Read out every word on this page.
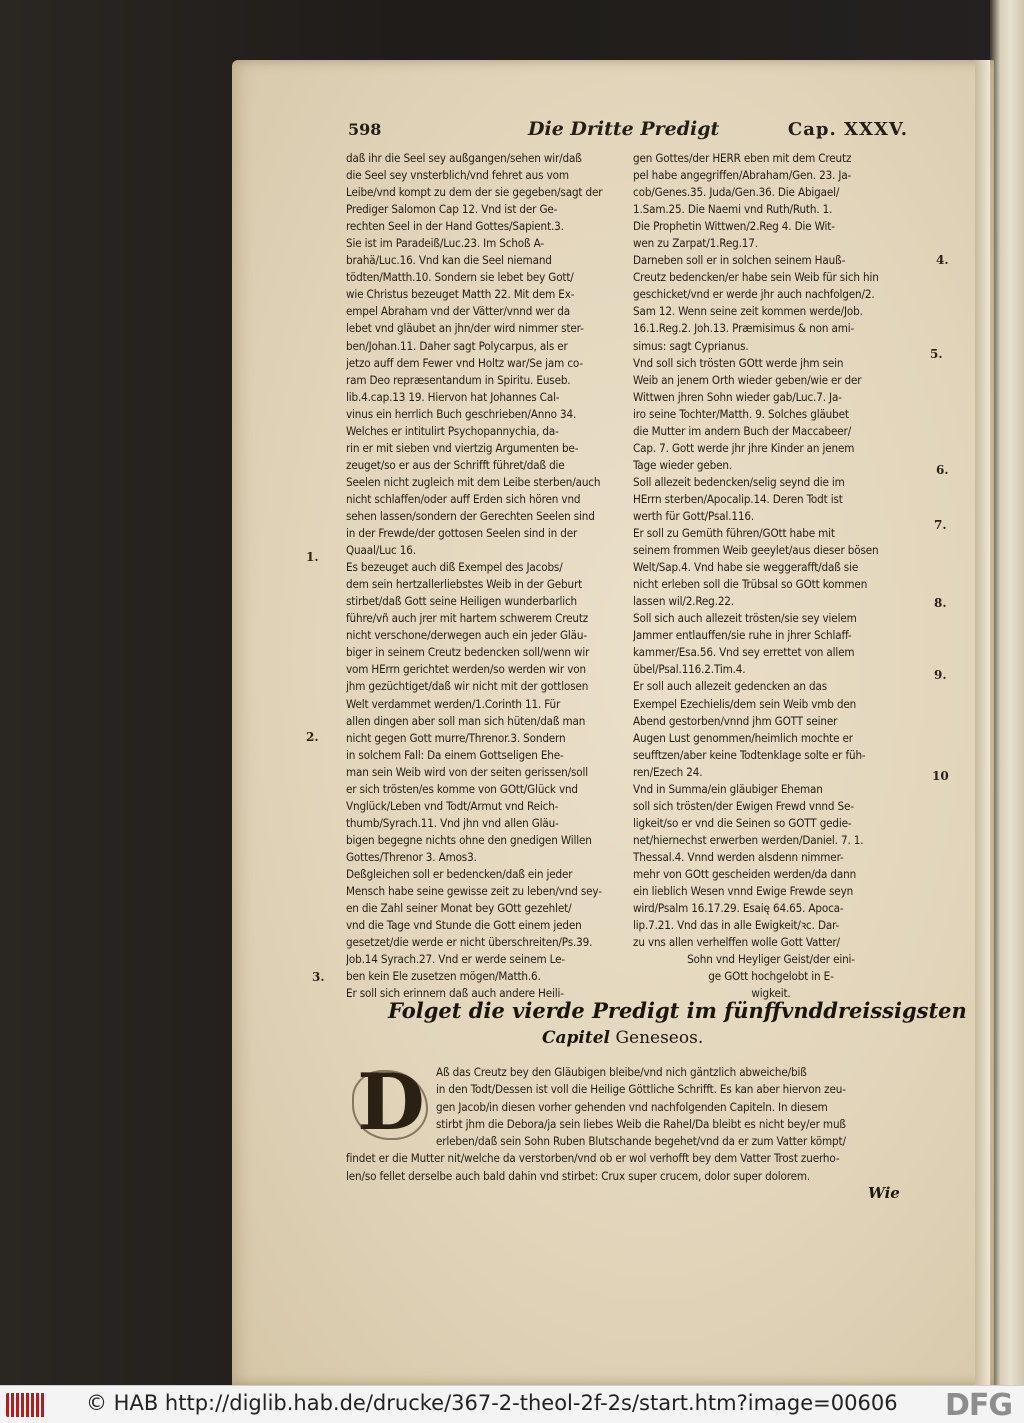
598	Die Dritte Predigt	Cap. XXXV.
daß ihr die Seel sey außgangen/sehen wir/daß
die Seel sey vnsterblich/vnd fehret aus vom
Leibe/vnd kompt zu dem der sie gegeben/sagt der
Prediger Salomon Cap 12. Vnd ist der Ge-
rechten Seel in der Hand Gottes/Sapient.3.
Sie ist im Paradeiß/Luc.23. Im Schoß A-
brahä/Luc.16. Vnd kan die Seel niemand
tödten/Matth.10. Sondern sie lebet bey Gott/
wie Christus bezeuget Matth 22. Mit dem Ex-
empel Abraham vnd der Vätter/vnnd wer da
lebet vnd gläubet an jhn/der wird nimmer ster-
ben/Johan.11. Daher sagt Polycarpus, als er
jetzo auff dem Fewer vnd Holtz war/Se jam co-
ram Deo repræsentandum in Spiritu. Euseb.
lib.4.cap.13 19. Hiervon hat Johannes Cal-
vinus ein herrlich Buch geschrieben/Anno 34.
Welches er intitulirt Psychopannychia, da-
rin er mit sieben vnd viertzig Argumenten be-
zeuget/so er aus der Schrifft führet/daß die
Seelen nicht zugleich mit dem Leibe sterben/auch
nicht schlaffen/oder auff Erden sich hören vnd
sehen lassen/sondern der Gerechten Seelen sind
in der Frewde/der gottosen Seelen sind in der
Quaal/Luc 16.
Es bezeuget auch diß Exempel des Jacobs/
dem sein hertzallerliebstes Weib in der Geburt
stirbet/daß Gott seine Heiligen wunderbarlich
führe/vñ auch jrer mit hartem schwerem Creutz
nicht verschone/derwegen auch ein jeder Gläu-
biger in seinem Creutz bedencken soll/wenn wir
vom HErrn gerichtet werden/so werden wir von
jhm gezüchtiget/daß wir nicht mit der gottlosen
Welt verdammet werden/1.Corinth 11. Für
allen dingen aber soll man sich hüten/daß man
nicht gegen Gott murre/Threnor.3. Sondern
in solchem Fall: Da einem Gottseligen Ehe-
man sein Weib wird von der seiten gerissen/soll
er sich trösten/es komme von GOtt/Glück vnd
Vnglück/Leben vnd Todt/Armut vnd Reich-
thumb/Syrach.11. Vnd jhn vnd allen Gläu-
bigen begegne nichts ohne den gnedigen Willen
Gottes/Threnor 3. Amos3.
Deßgleichen soll er bedencken/daß ein jeder
Mensch habe seine gewisse zeit zu leben/vnd sey-
en die Zahl seiner Monat bey GOtt gezehlet/
vnd die Tage vnd Stunde die Gott einem jeden
gesetzet/die werde er nicht überschreiten/Ps.39.
Job.14 Syrach.27. Vnd er werde seinem Le-
ben kein Ele zusetzen mögen/Matth.6.
Er soll sich erinnern daß auch andere Heili-
gen Gottes/der HERR eben mit dem Creutz
pel habe angegriffen/Abraham/Gen. 23. Ja-
cob/Genes.35. Juda/Gen.36. Die Abigael/
1.Sam.25. Die Naemi vnd Ruth/Ruth. 1.
Die Prophetin Wittwen/2.Reg 4. Die Wit-
wen zu Zarpat/1.Reg.17.
Darneben soll er in solchen seinem Hauß-
Creutz bedencken/er habe sein Weib für sich hin
geschicket/vnd er werde jhr auch nachfolgen/2.
Sam 12. Wenn seine zeit kommen werde/Job.
16.1.Reg.2. Joh.13. Præmisimus & non ami-
simus: sagt Cyprianus.
Vnd soll sich trösten GOtt werde jhm sein
Weib an jenem Orth wieder geben/wie er der
Wittwen jhren Sohn wieder gab/Luc.7. Ja-
iro seine Tochter/Matth. 9. Solches gläubet
die Mutter im andern Buch der Maccabeer/
Cap. 7. Gott werde jhr jhre Kinder an jenem
Tage wieder geben.
Soll allezeit bedencken/selig seynd die im
HErrn sterben/Apocalip.14. Deren Todt ist
werth für Gott/Psal.116.
Er soll zu Gemüth führen/GOtt habe mit
seinem frommen Weib geeylet/aus dieser bösen
Welt/Sap.4. Vnd habe sie weggerafft/daß sie
nicht erleben soll die Trübsal so GOtt kommen
lassen wil/2.Reg.22.
Soll sich auch allezeit trösten/sie sey vielem
Jammer entlauffen/sie ruhe in jhrer Schlaff-
kammer/Esa.56. Vnd sey errettet von allem
übel/Psal.116.2.Tim.4.
Er soll auch allezeit gedencken an das
Exempel Ezechielis/dem sein Weib vmb den
Abend gestorben/vnnd jhm GOTT seiner
Augen Lust genommen/heimlich mochte er
seufftzen/aber keine Todtenklage solte er füh-
ren/Ezech 24.
Vnd in Summa/ein gläubiger Eheman
soll sich trösten/der Ewigen Frewd vnnd Se-
ligkeit/so er vnd die Seinen so GOTT gedie-
net/hiernechst erwerben werden/Daniel. 7. 1.
Thessal.4. Vnnd werden alsdenn nimmer-
mehr von GOtt gescheiden werden/da dann
ein lieblich Wesen vnnd Ewige Frewde seyn
wird/Psalm 16.17.29. Esaię 64.65. Apoca-
lip.7.21. Vnd das in alle Ewigkeit/ꝛc. Dar-
zu vns allen verhelffen wolle Gott Vatter/
Sohn vnd Heyliger Geist/der eini-
ge GOtt hochgelobt in E-
wigkeit.
4.
5.
6.
7.
8.
9.
10
1.
2.
3.
Folget die vierde Predigt im fünffvnddreissigsten
Capitel Geneseos.
D Aß das Creutz bey den Gläubigen bleibe/vnd nich gäntzlich abweiche/biß
in den Todt/Dessen ist voll die Heilige Göttliche Schrifft. Es kan aber hiervon zeu-
gen Jacob/in diesen vorher gehenden vnd nachfolgenden Capiteln. In diesem
stirbt jhm die Debora/ja sein liebes Weib die Rahel/Da bleibt es nicht bey/er muß
erleben/daß sein Sohn Ruben Blutschande begehet/vnd da er zum Vatter kömpt/
findet er die Mutter nit/welche da verstorben/vnd ob er wol verhofft bey dem Vatter Trost zuerho-
len/so fellet derselbe auch bald dahin vnd stirbet: Crux super crucem, dolor super dolorem.
Wie
© HAB http://diglib.hab.de/drucke/367-2-theol-2f-2s/start.htm?image=00606 DFG
